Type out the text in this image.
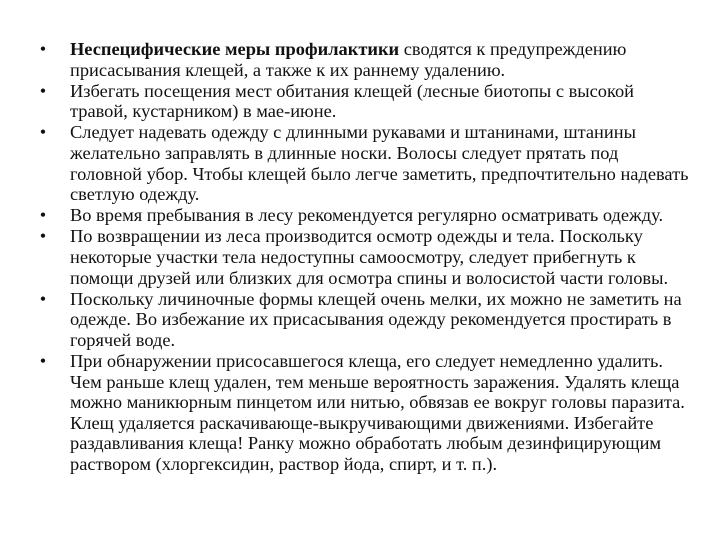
• Неспецифические меры профилактики сводятся к предупреждению присасывания клещей, а также к их раннему удалению.
• Избегать посещения мест обитания клещей (лесные биотопы с высокой травой, кустарником) в мае-июне.
• Следует надевать одежду с длинными рукавами и штанинами, штанины желательно заправлять в длинные носки. Волосы следует прятать под головной убор. Чтобы клещей было легче заметить, предпочтительно надевать светлую одежду.
• Во время пребывания в лесу рекомендуется регулярно осматривать одежду.
• По возвращении из леса производится осмотр одежды и тела. Поскольку некоторые участки тела недоступны самоосмотру, следует прибегнуть к помощи друзей или близких для осмотра спины и волосистой части головы.
• Поскольку личиночные формы клещей очень мелки, их можно не заметить на одежде. Во избежание их присасывания одежду рекомендуется простирать в горячей воде.
• При обнаружении присосавшегося клеща, его следует немедленно удалить. Чем раньше клещ удален, тем меньше вероятность заражения. Удалять клеща можно маникюрным пинцетом или нитью, обвязав ее вокруг головы паразита. Клещ удаляется раскачивающе-выкручивающими движениями. Избегайте раздавливания клеща! Ранку можно обработать любым дезинфицирующим раствором (хлоргексидин, раствор йода, спирт, и т. п.).
